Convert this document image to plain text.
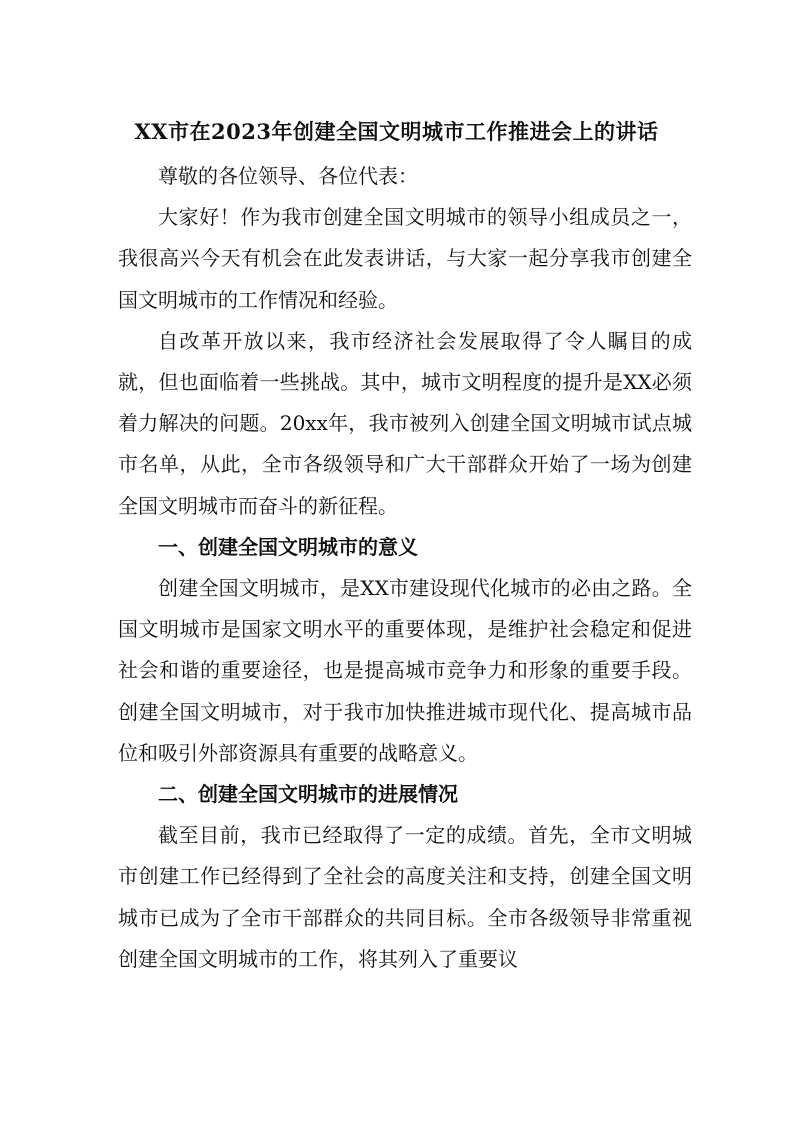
XX市在2023年创建全国文明城市工作推进会上的讲话

尊敬的各位领导、各位代表：

大家好！作为我市创建全国文明城市的领导小组成员之一，我很高兴今天有机会在此发表讲话，与大家一起分享我市创建全国文明城市的工作情况和经验。

自改革开放以来，我市经济社会发展取得了令人瞩目的成就，但也面临着一些挑战。其中，城市文明程度的提升是XX必须着力解决的问题。20xx年，我市被列入创建全国文明城市试点城市名单，从此，全市各级领导和广大干部群众开始了一场为创建全国文明城市而奋斗的新征程。

一、创建全国文明城市的意义

创建全国文明城市，是XX市建设现代化城市的必由之路。全国文明城市是国家文明水平的重要体现，是维护社会稳定和促进社会和谐的重要途径，也是提高城市竞争力和形象的重要手段。创建全国文明城市，对于我市加快推进城市现代化、提高城市品位和吸引外部资源具有重要的战略意义。

二、创建全国文明城市的进展情况

截至目前，我市已经取得了一定的成绩。首先，全市文明城市创建工作已经得到了全社会的高度关注和支持，创建全国文明城市已成为了全市干部群众的共同目标。全市各级领导非常重视创建全国文明城市的工作，将其列入了重要议
